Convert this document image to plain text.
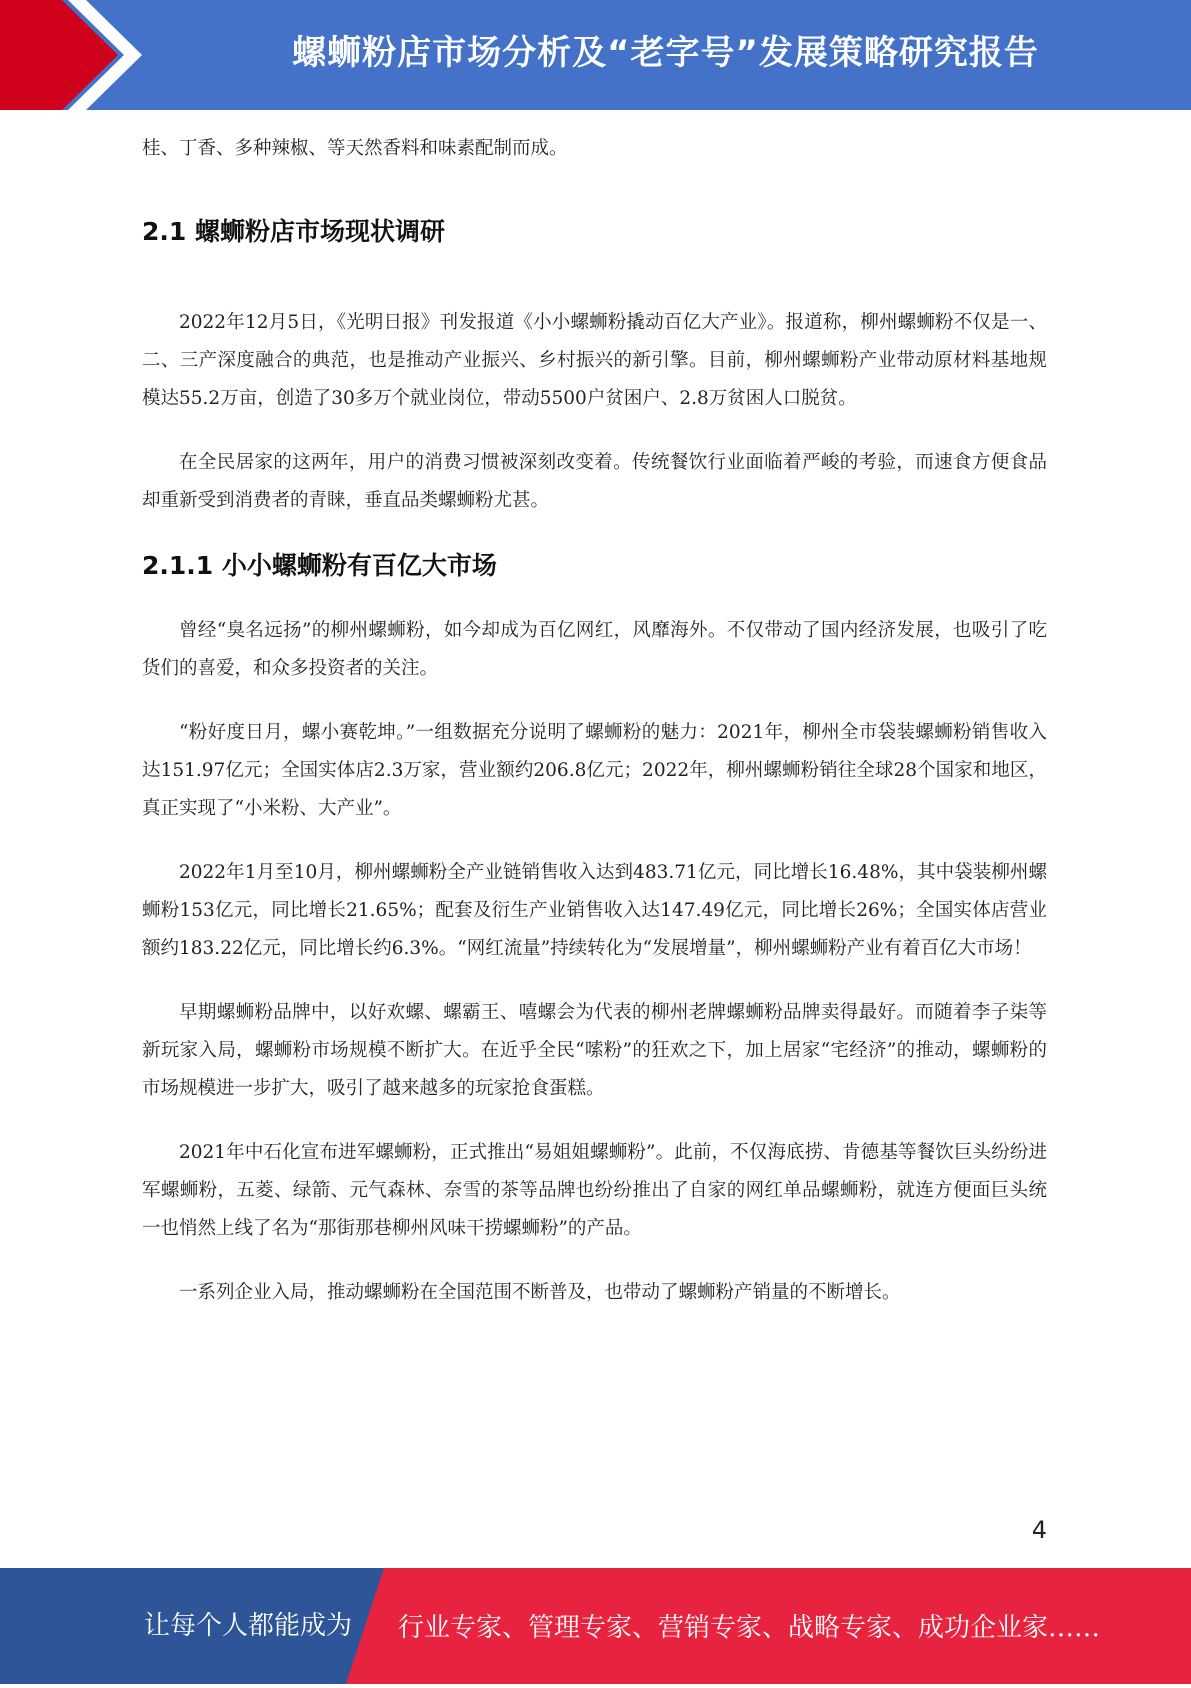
螺蛳粉店市场分析及“老字号”发展策略研究报告

桂、丁香、多种辣椒、等天然香料和味素配制而成。

2.1 螺蛳粉店市场现状调研

2022年12月5日，《光明日报》刊发报道《小小螺蛳粉撬动百亿大产业》。报道称，柳州螺蛳粉不仅是一、二、三产深度融合的典范，也是推动产业振兴、乡村振兴的新引擎。目前，柳州螺蛳粉产业带动原材料基地规模达55.2万亩，创造了30多万个就业岗位，带动5500户贫困户、2.8万贫困人口脱贫。

在全民居家的这两年，用户的消费习惯被深刻改变着。传统餐饮行业面临着严峻的考验，而速食方便食品却重新受到消费者的青睐，垂直品类螺蛳粉尤甚。

2.1.1 小小螺蛳粉有百亿大市场

曾经“臭名远扬”的柳州螺蛳粉，如今却成为百亿网红，风靡海外。不仅带动了国内经济发展，也吸引了吃货们的喜爱，和众多投资者的关注。

“粉好度日月，螺小赛乾坤。”一组数据充分说明了螺蛳粉的魅力：2021年，柳州全市袋装螺蛳粉销售收入达151.97亿元；全国实体店2.3万家，营业额约206.8亿元；2022年，柳州螺蛳粉销往全球28个国家和地区，真正实现了“小米粉、大产业”。

2022年1月至10月，柳州螺蛳粉全产业链销售收入达到483.71亿元，同比增长16.48%，其中袋装柳州螺蛳粉153亿元，同比增长21.65%；配套及衍生产业销售收入达147.49亿元，同比增长26%；全国实体店营业额约183.22亿元，同比增长约6.3%。“网红流量”持续转化为“发展增量”，柳州螺蛳粉产业有着百亿大市场！

早期螺蛳粉品牌中，以好欢螺、螺霸王、嘻螺会为代表的柳州老牌螺蛳粉品牌卖得最好。而随着李子柒等新玩家入局，螺蛳粉市场规模不断扩大。在近乎全民“嗦粉”的狂欢之下，加上居家“宅经济”的推动，螺蛳粉的市场规模进一步扩大，吸引了越来越多的玩家抢食蛋糕。

2021年中石化宣布进军螺蛳粉，正式推出“易姐姐螺蛳粉”。此前，不仅海底捞、肯德基等餐饮巨头纷纷进军螺蛳粉，五菱、绿箭、元气森林、奈雪的茶等品牌也纷纷推出了自家的网红单品螺蛳粉，就连方便面巨头统一也悄然上线了名为“那街那巷柳州风味干捞螺蛳粉”的产品。

一系列企业入局，推动螺蛳粉在全国范围不断普及，也带动了螺蛳粉产销量的不断增长。

4
让每个人都能成为 行业专家、管理专家、营销专家、战略专家、成功企业家……
